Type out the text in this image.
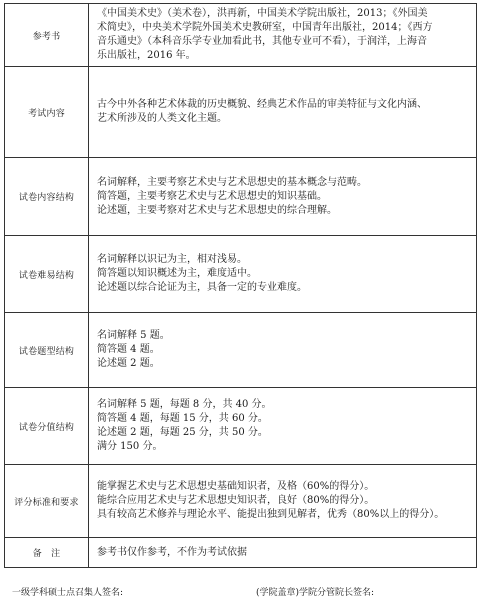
参考书	《中国美术史》（美术卷），洪再新，中国美术学院出版社，2013；《外国美
术简史》，中央美术学院外国美术史教研室，中国青年出版社，2014；《西方
音乐通史》（本科音乐学专业加看此书，其他专业可不看），于润洋，上海音
乐出版社，2016 年。

考试内容	古今中外各种艺术体裁的历史概貌、经典艺术作品的审美特征与文化内涵、
艺术所涉及的人类文化主题。

试卷内容结构	名词解释，主要考察艺术史与艺术思想史的基本概念与范畴。
简答题，主要考察艺术史与艺术思想史的知识基础。
论述题，主要考察对艺术史与艺术思想史的综合理解。

试卷难易结构	名词解释以识记为主，相对浅易。
简答题以知识概述为主，难度适中。
论述题以综合论证为主，具备一定的专业难度。

试卷题型结构	名词解释 5 题。
简答题 4 题。
论述题 2 题。

试卷分值结构	名词解释 5 题，每题 8 分，共 40 分。
简答题 4 题，每题 15 分，共 60 分。
论述题 2 题，每题 25 分，共 50 分。
满分 150 分。

评分标准和要求	能掌握艺术史与艺术思想史基础知识者，及格（60%的得分）。
能综合应用艺术史与艺术思想史知识者，良好（80%的得分）。
具有较高艺术修养与理论水平、能提出独到见解者，优秀（80%以上的得分）。

备　注	参考书仅作参考，不作为考试依据
一级学科硕士点召集人签名:	(学院盖章)学院分管院长签名:
